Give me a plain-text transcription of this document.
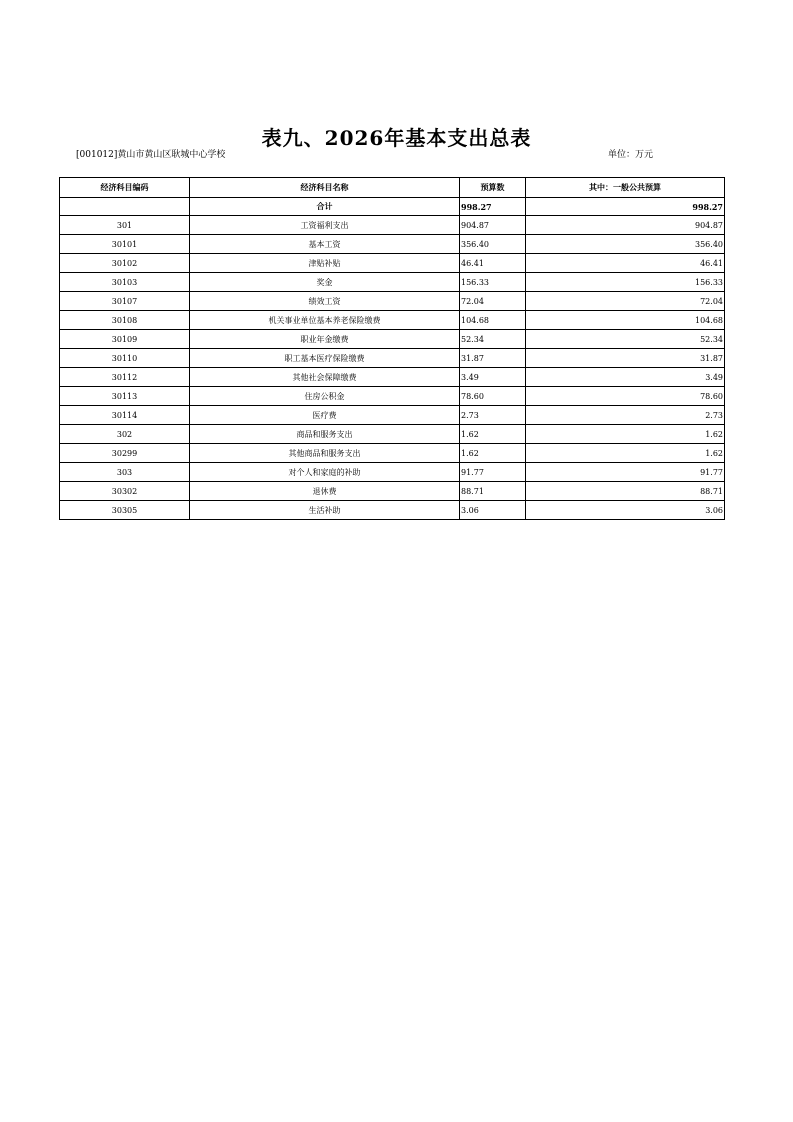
表九、2026年基本支出总表
[001012]黄山市黄山区耿城中心学校	单位：万元
经济科目编码	经济科目名称	预算数	其中：一般公共预算
	合计	998.27	998.27
301	工资福利支出	904.87	904.87
30101	基本工资	356.40	356.40
30102	津贴补贴	46.41	46.41
30103	奖金	156.33	156.33
30107	绩效工资	72.04	72.04
30108	机关事业单位基本养老保险缴费	104.68	104.68
30109	职业年金缴费	52.34	52.34
30110	职工基本医疗保险缴费	31.87	31.87
30112	其他社会保障缴费	3.49	3.49
30113	住房公积金	78.60	78.60
30114	医疗费	2.73	2.73
302	商品和服务支出	1.62	1.62
30299	其他商品和服务支出	1.62	1.62
303	对个人和家庭的补助	91.77	91.77
30302	退休费	88.71	88.71
30305	生活补助	3.06	3.06
